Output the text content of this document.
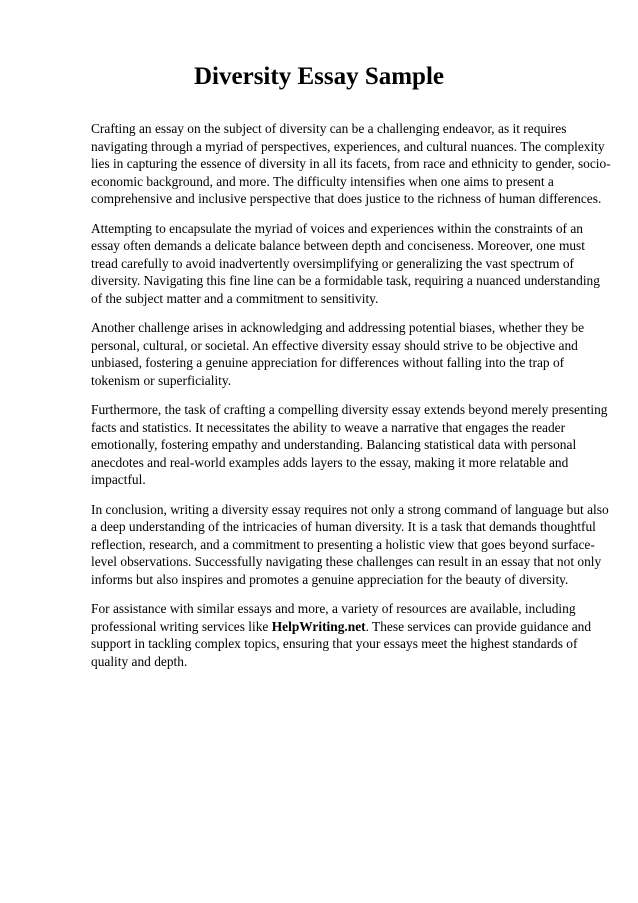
Diversity Essay Sample

Crafting an essay on the subject of diversity can be a challenging endeavor, as it requires
navigating through a myriad of perspectives, experiences, and cultural nuances. The complexity
lies in capturing the essence of diversity in all its facets, from race and ethnicity to gender, socio-
economic background, and more. The difficulty intensifies when one aims to present a
comprehensive and inclusive perspective that does justice to the richness of human differences.

Attempting to encapsulate the myriad of voices and experiences within the constraints of an
essay often demands a delicate balance between depth and conciseness. Moreover, one must
tread carefully to avoid inadvertently oversimplifying or generalizing the vast spectrum of
diversity. Navigating this fine line can be a formidable task, requiring a nuanced understanding
of the subject matter and a commitment to sensitivity.

Another challenge arises in acknowledging and addressing potential biases, whether they be
personal, cultural, or societal. An effective diversity essay should strive to be objective and
unbiased, fostering a genuine appreciation for differences without falling into the trap of
tokenism or superficiality.

Furthermore, the task of crafting a compelling diversity essay extends beyond merely presenting
facts and statistics. It necessitates the ability to weave a narrative that engages the reader
emotionally, fostering empathy and understanding. Balancing statistical data with personal
anecdotes and real-world examples adds layers to the essay, making it more relatable and
impactful.

In conclusion, writing a diversity essay requires not only a strong command of language but also
a deep understanding of the intricacies of human diversity. It is a task that demands thoughtful
reflection, research, and a commitment to presenting a holistic view that goes beyond surface-
level observations. Successfully navigating these challenges can result in an essay that not only
informs but also inspires and promotes a genuine appreciation for the beauty of diversity.

For assistance with similar essays and more, a variety of resources are available, including
professional writing services like HelpWriting.net. These services can provide guidance and
support in tackling complex topics, ensuring that your essays meet the highest standards of
quality and depth.
